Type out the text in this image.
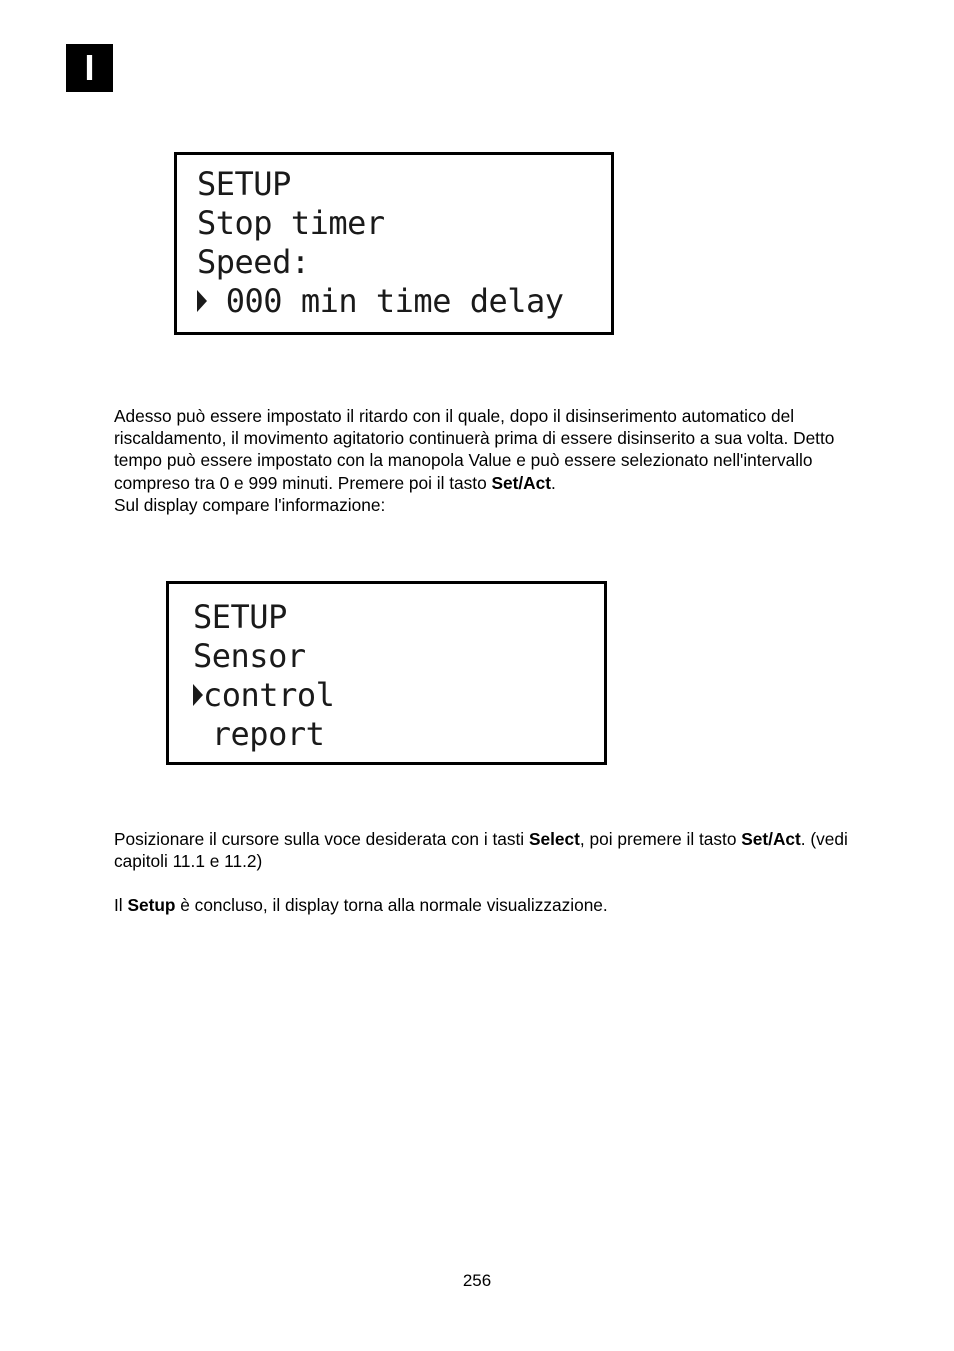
I
SETUP
Stop timer
Speed:
000 min time delay
Adesso può essere impostato il ritardo con il quale, dopo il disinserimento automatico del riscaldamento, il movimento agitatorio continuerà prima di essere disinserito a sua volta. Detto tempo può essere impostato con la manopola Value e può essere selezionato nell'intervallo compreso tra 0 e 999 minuti. Premere poi il tasto Set/Act.
Sul display compare l'informazione:
SETUP
Sensor
control
report
Posizionare il cursore sulla voce desiderata con i tasti Select, poi premere il tasto Set/Act. (vedi capitoli 11.1 e 11.2)
Il Setup è concluso, il display torna alla normale visualizzazione.
256
